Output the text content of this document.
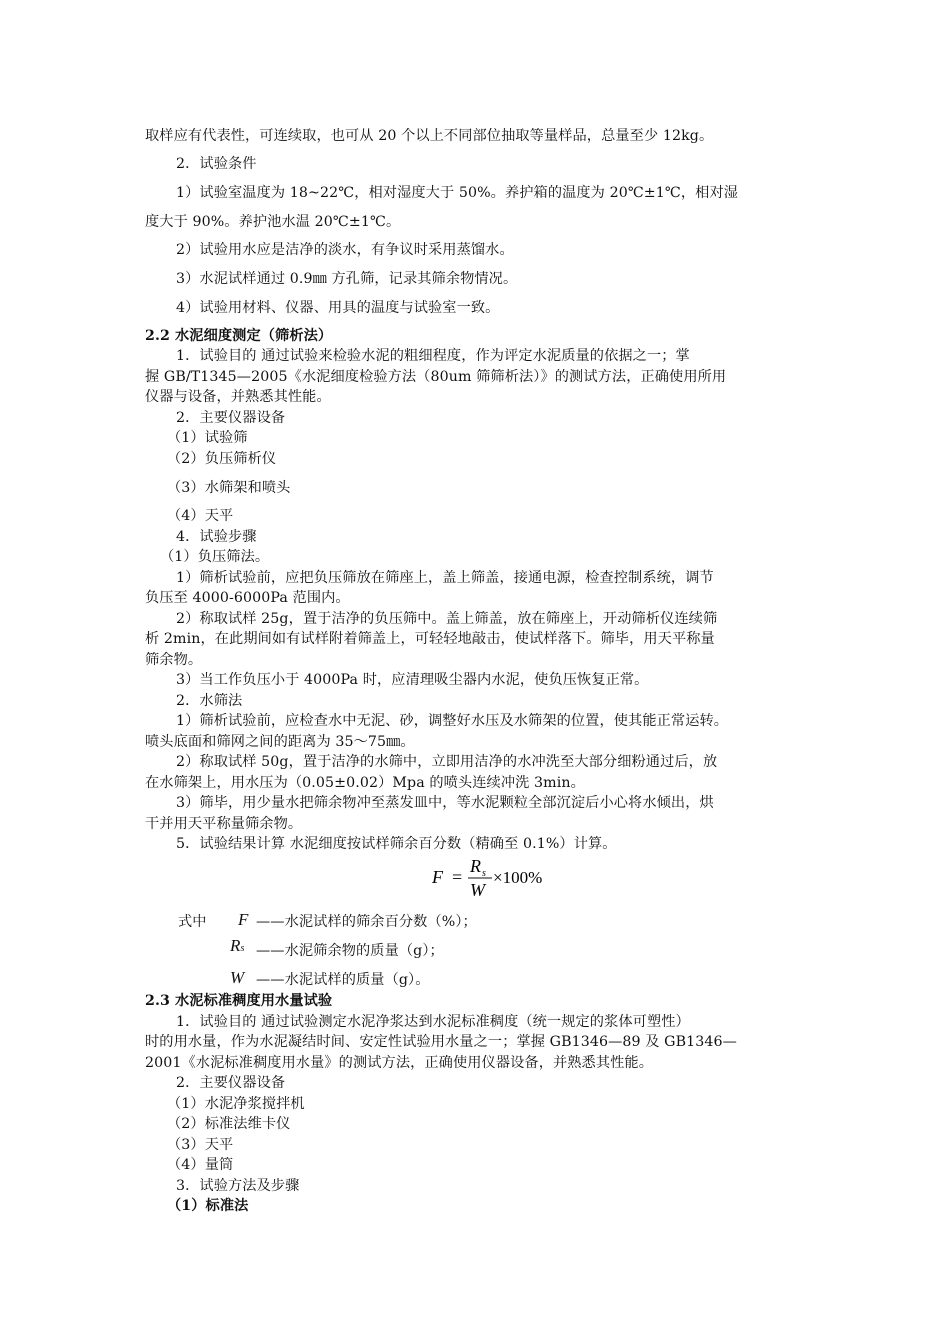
取样应有代表性，可连续取，也可从 20 个以上不同部位抽取等量样品，总量至少 12kg。
2．试验条件
1）试验室温度为 18~22℃，相对湿度大于 50%。养护箱的温度为 20℃±1℃，相对湿
度大于 90%。养护池水温 20℃±1℃。
2）试验用水应是洁净的淡水，有争议时采用蒸馏水。
3）水泥试样通过 0.9㎜ 方孔筛，记录其筛余物情况。
4）试验用材料、仪器、用具的温度与试验室一致。
2.2 水泥细度测定（筛析法）
1．试验目的 通过试验来检验水泥的粗细程度，作为评定水泥质量的依据之一；掌
握 GB/T1345—2005《水泥细度检验方法（80um 筛筛析法）》的测试方法，正确使用所用
仪器与设备，并熟悉其性能。
2．主要仪器设备
（1）试验筛
（2）负压筛析仪
（3）水筛架和喷头
（4）天平
4．试验步骤
（1）负压筛法。
1）筛析试验前，应把负压筛放在筛座上，盖上筛盖，接通电源，检查控制系统，调节
负压至 4000-6000Pa 范围内。
2）称取试样 25g，置于洁净的负压筛中。盖上筛盖，放在筛座上，开动筛析仪连续筛
析 2min，在此期间如有试样附着筛盖上，可轻轻地敲击，使试样落下。筛毕，用天平称量
筛余物。
3）当工作负压小于 4000Pa 时，应清理吸尘器内水泥，使负压恢复正常。
2．水筛法
1）筛析试验前，应检查水中无泥、砂，调整好水压及水筛架的位置，使其能正常运转。
喷头底面和筛网之间的距离为 35～75㎜。
2）称取试样 50g，置于洁净的水筛中，立即用洁净的水冲洗至大部分细粉通过后，放
在水筛架上，用水压为（0.05±0.02）Mpa 的喷头连续冲洗 3min。
3）筛毕，用少量水把筛余物冲至蒸发皿中，等水泥颗粒全部沉淀后小心将水倾出，烘
干并用天平称量筛余物。
5．试验结果计算 水泥细度按试样筛余百分数（精确至 0.1%）计算。
F =
R s
W
×100%
式中 F ——水泥试样的筛余百分数（%）；
Rs ——水泥筛余物的质量（g）；
W ——水泥试样的质量（g）。
2.3 水泥标准稠度用水量试验
1．试验目的 通过试验测定水泥净浆达到水泥标准稠度（统一规定的浆体可塑性）
时的用水量，作为水泥凝结时间、安定性试验用水量之一；掌握 GB1346—89 及 GB1346—
2001《水泥标准稠度用水量》的测试方法，正确使用仪器设备，并熟悉其性能。
2．主要仪器设备
（1）水泥净浆搅拌机
（2）标准法维卡仪
（3）天平
（4）量筒
3．试验方法及步骤
（1）标准法
